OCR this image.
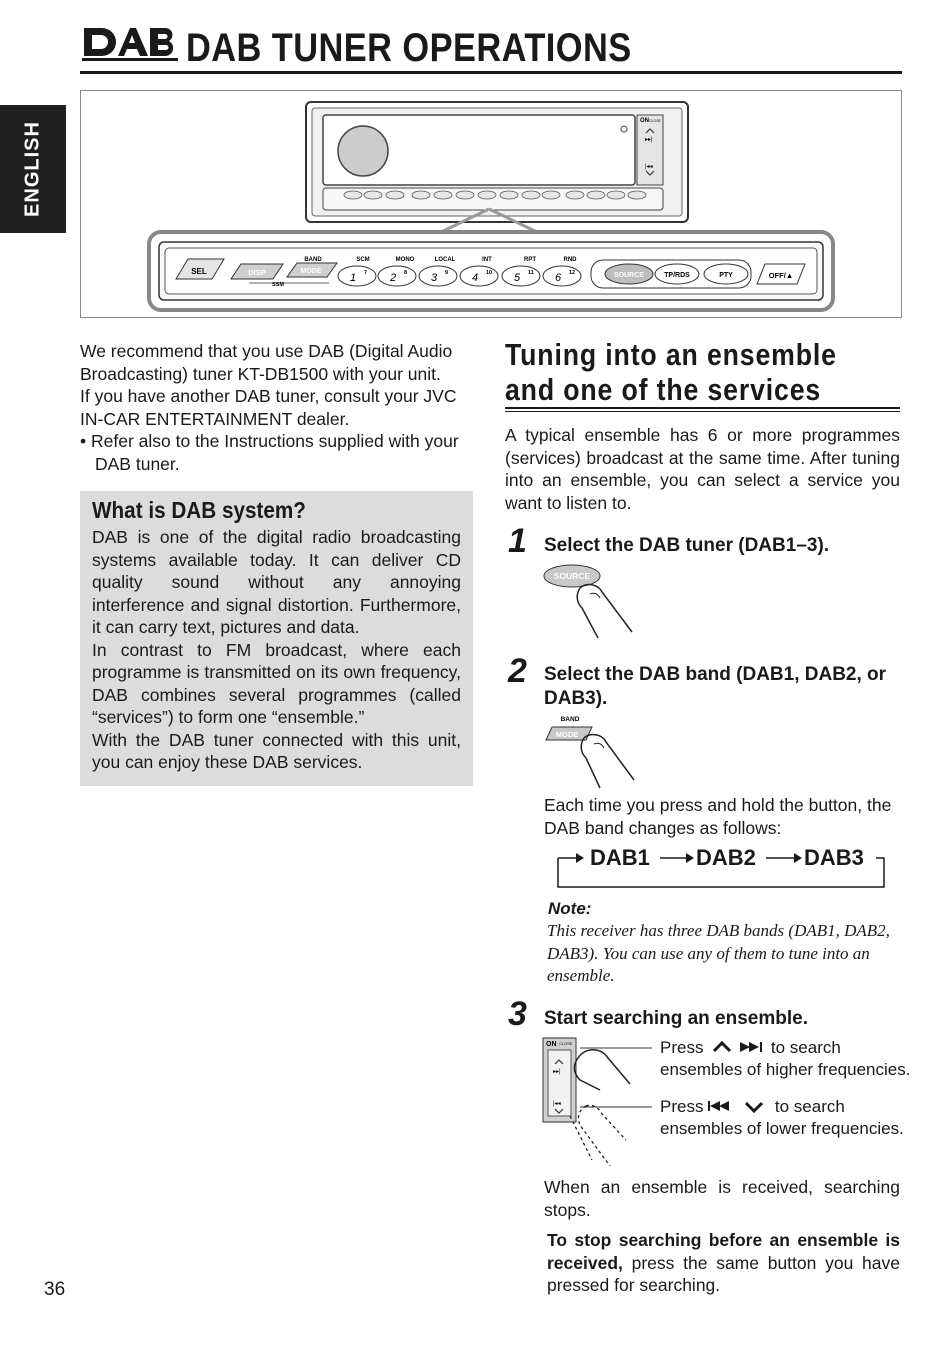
DAB TUNER OPERATIONS
ENGLISH
ON CLOSE
▸▸|
|◂◂
SEL	DISP	MODE
BAND
SSM
SCM	MONO	LOCAL	INT	RPT	RND
1 7 2 8 3 9 4 10 5 11 6 12	SOURCE	TP/RDS	PTY	OFF/▲

We recommend that you use DAB (Digital Audio Broadcasting) tuner KT-DB1500 with your unit.

If you have another DAB tuner, consult your JVC IN-CAR ENTERTAINMENT dealer.

• Refer also to the Instructions supplied with your DAB tuner.

What is DAB system?

DAB is one of the digital radio broadcasting systems available today. It can deliver CD quality sound without any annoying interference and signal distortion. Furthermore, it can carry text, pictures and data.

In contrast to FM broadcast, where each programme is transmitted on its own frequency, DAB combines several programmes (called “services”) to form one “ensemble.”

With the DAB tuner connected with this unit, you can enjoy these DAB services.

Tuning into an ensemble and one of the services

A typical ensemble has 6 or more programmes (services) broadcast at the same time. After tuning into an ensemble, you can select a service you want to listen to.

1 Select the DAB tuner (DAB1–3).
SOURCE
2 Select the DAB band (DAB1, DAB2, or DAB3).
BAND
MODE

Each time you press and hold the button, the DAB band changes as follows:

DAB1 DAB2 DAB3
Note:

This receiver has three DAB bands (DAB1, DAB2, DAB3). You can use any of them to tune into an ensemble.

3 Start searching an ensemble.
ON CLOSE
▸▸|
|◂◂
Press	to search
ensembles of higher frequencies.
Press	to search
ensembles of lower frequencies.

When an ensemble is received, searching stops.

To stop searching before an ensemble is received, press the same button you have pressed for searching.

36
